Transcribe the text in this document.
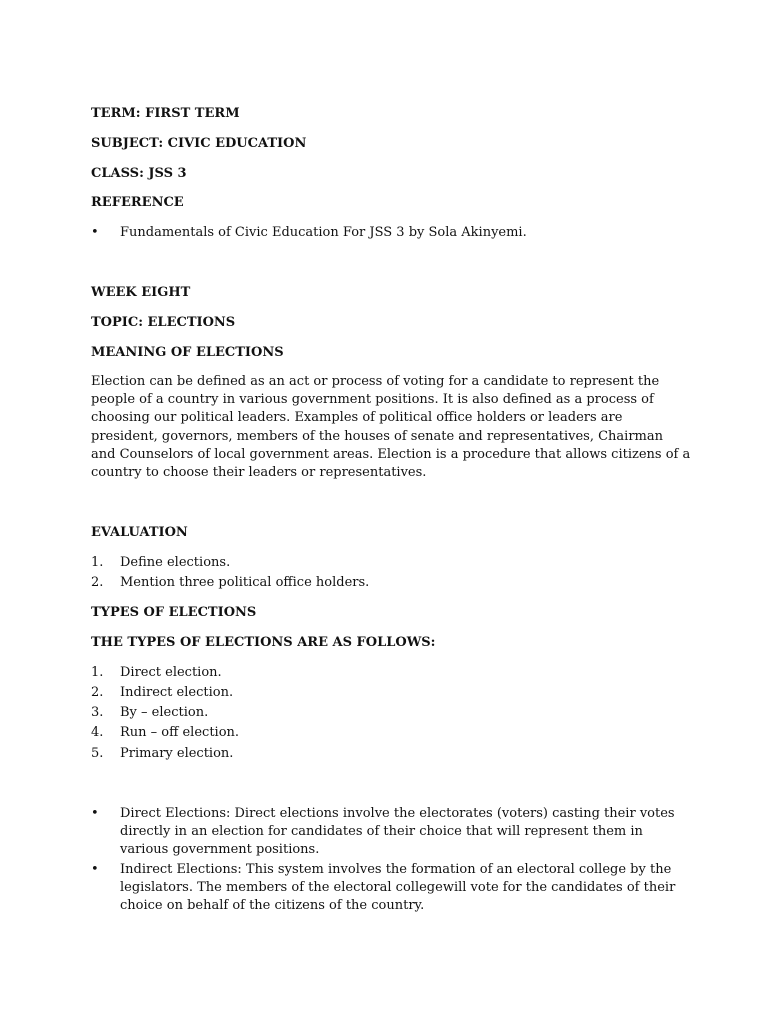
TERM: FIRST TERM
SUBJECT: CIVIC EDUCATION
CLASS: JSS 3
REFERENCE
•	Fundamentals of Civic Education For JSS 3 by Sola Akinyemi.
WEEK EIGHT
TOPIC: ELECTIONS
MEANING OF ELECTIONS
Election can be defined as an act or process of voting for a candidate to represent the people of a country in various government positions. It is also defined as a process of choosing our political leaders. Examples of political office holders or leaders are president, governors, members of the houses of senate and representatives, Chairman and Counselors of local government areas. Election is a procedure that allows citizens of a country to choose their leaders or representatives.
EVALUATION
1.	Define elections.
2.	Mention three political office holders.
TYPES OF ELECTIONS
THE TYPES OF ELECTIONS ARE AS FOLLOWS:
1.	Direct election.
2.	Indirect election.
3.	By – election.
4.	Run – off election.
5.	Primary election.
•	Direct Elections: Direct elections involve the electorates (voters) casting their votes directly in an election for candidates of their choice that will represent them in various government positions.
•	Indirect Elections: This system involves the formation of an electoral college by the legislators. The members of the electoral collegewill vote for the candidates of their choice on behalf of the citizens of the country.
